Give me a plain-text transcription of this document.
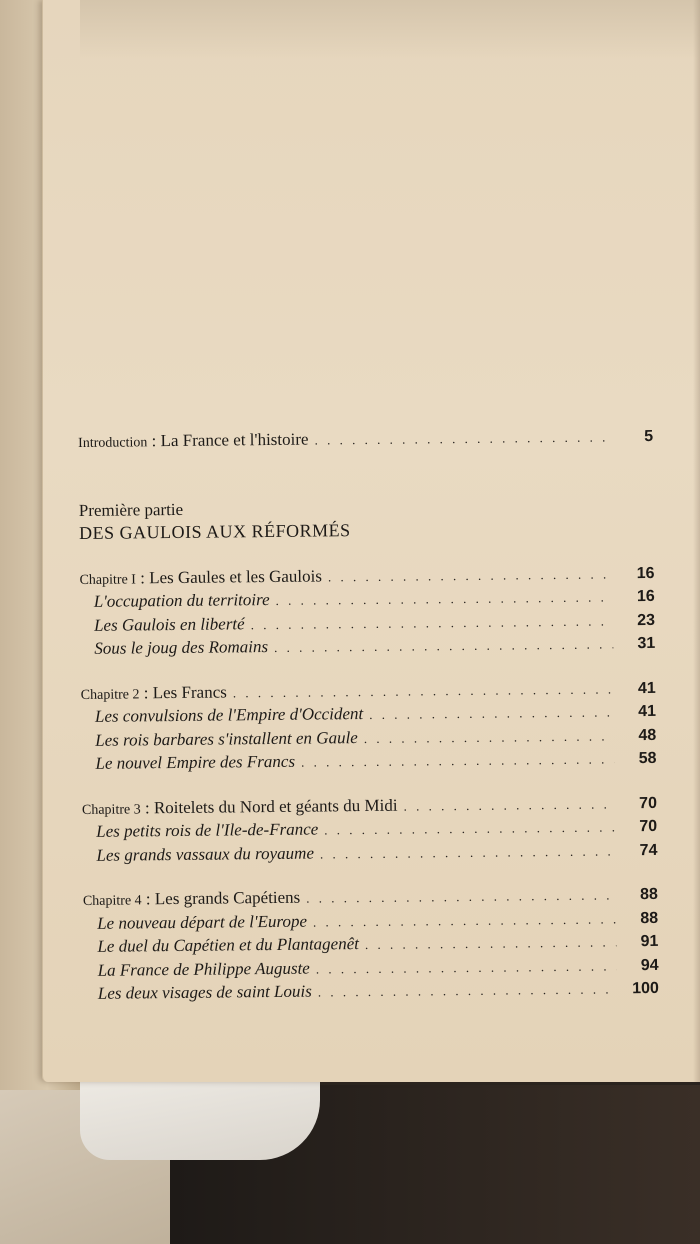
Introduction : La France et l'histoire . . .	5
Première partie
DES GAULOIS AUX RÉFORMÉS
Chapitre I : Les Gaules et les Gaulois . . .	16
L'occupation du territoire . . .	16
Les Gaulois en liberté . . .	23
Sous le joug des Romains . . .	31
Chapitre 2 : Les Francs . . .	41
Les convulsions de l'Empire d'Occident . . .	41
Les rois barbares s'installent en Gaule . . .	48
Le nouvel Empire des Francs . . .	58
Chapitre 3 : Roitelets du Nord et géants du Midi . . .	70
Les petits rois de l'Ile-de-France . . .	70
Les grands vassaux du royaume . . .	74
Chapitre 4 : Les grands Capétiens . . .	88
Le nouveau départ de l'Europe . . .	88
Le duel du Capétien et du Plantagenêt . . .	91
La France de Philippe Auguste . . .	94
Les deux visages de saint Louis . . .	100
